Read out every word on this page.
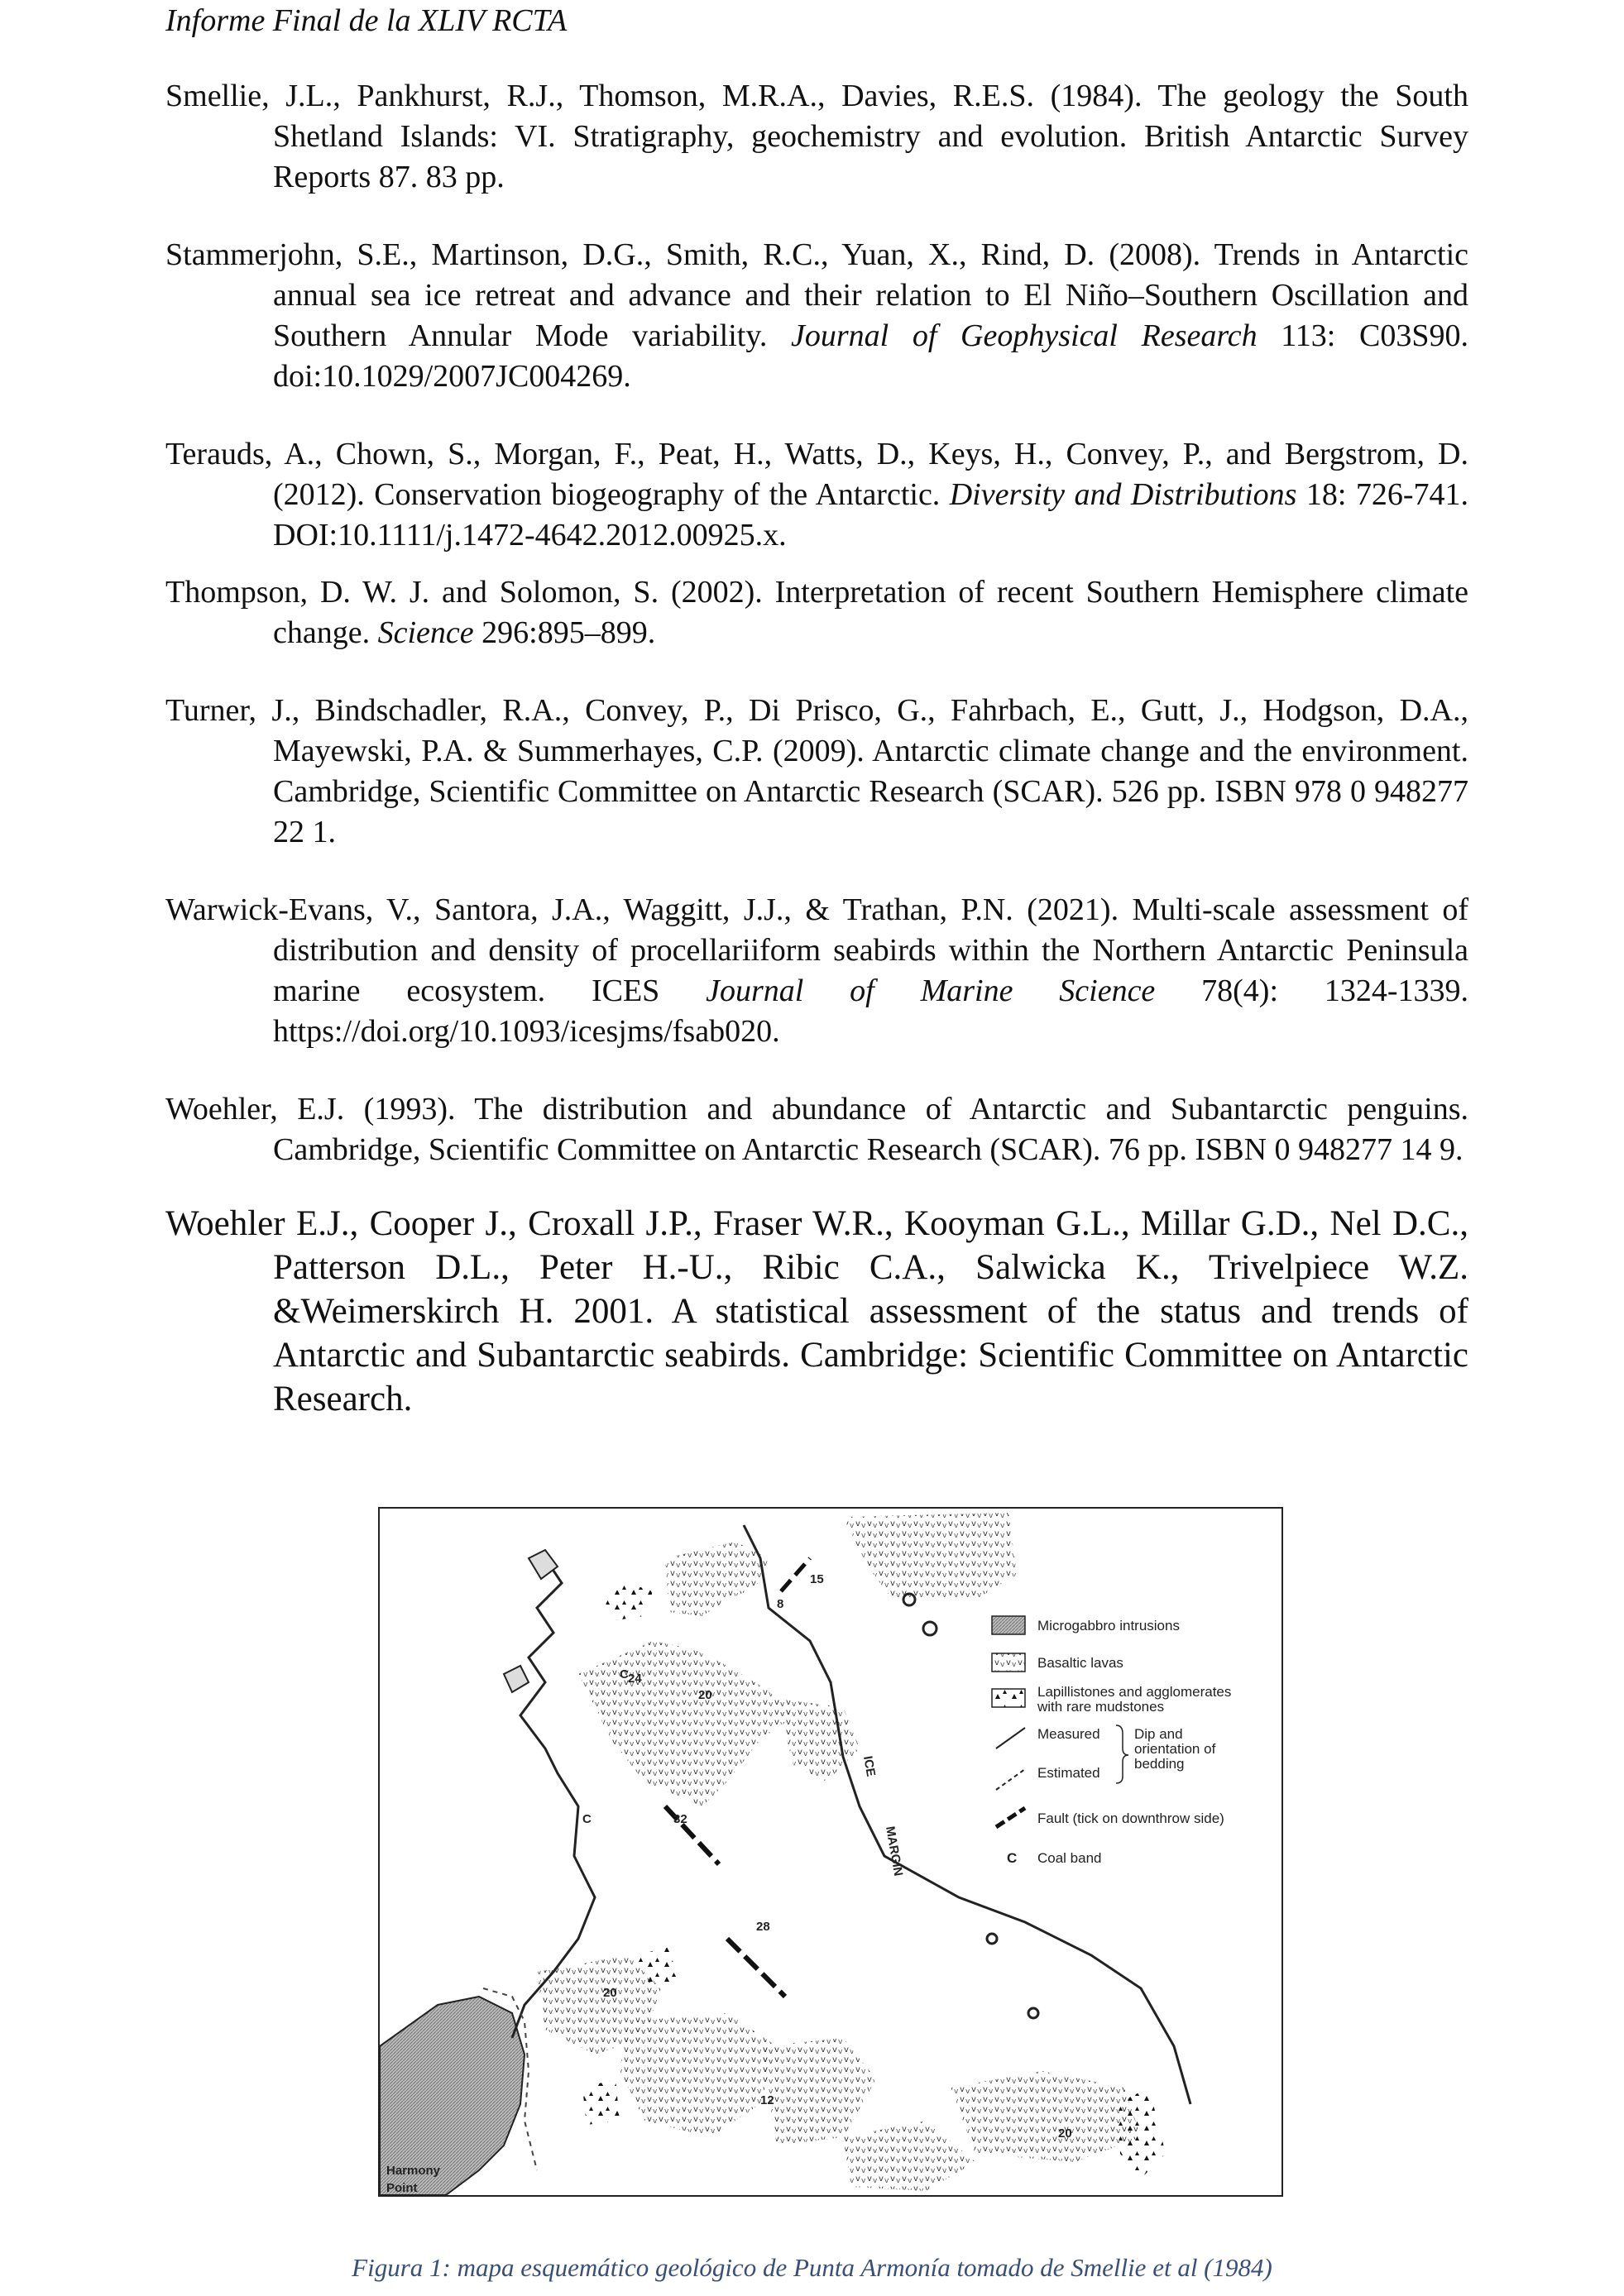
Informe Final de la XLIV RCTA

Smellie, J.L., Pankhurst, R.J., Thomson, M.R.A., Davies, R.E.S. (1984). The geology the South Shetland Islands: VI. Stratigraphy, geochemistry and evolution. British Antarctic Survey Reports 87. 83 pp.

Stammerjohn, S.E., Martinson, D.G., Smith, R.C., Yuan, X., Rind, D. (2008). Trends in Antarctic annual sea ice retreat and advance and their relation to El Niño–Southern Oscillation and Southern Annular Mode variability. Journal of Geophysical Research 113: C03S90. doi:10.1029/2007JC004269.

Terauds, A., Chown, S., Morgan, F., Peat, H., Watts, D., Keys, H., Convey, P., and Bergstrom, D. (2012). Conservation biogeography of the Antarctic. Diversity and Distributions 18: 726-741. DOI:10.1111/j.1472-4642.2012.00925.x.

Thompson, D. W. J. and Solomon, S. (2002). Interpretation of recent Southern Hemisphere climate change. Science 296:895–899.

Turner, J., Bindschadler, R.A., Convey, P., Di Prisco, G., Fahrbach, E., Gutt, J., Hodgson, D.A., Mayewski, P.A. & Summerhayes, C.P. (2009). Antarctic climate change and the environment. Cambridge, Scientific Committee on Antarctic Research (SCAR). 526 pp. ISBN 978 0 948277 22 1.

Warwick-Evans, V., Santora, J.A., Waggitt, J.J., & Trathan, P.N. (2021). Multi-scale assessment of distribution and density of procellariiform seabirds within the Northern Antarctic Peninsula marine ecosystem. ICES Journal of Marine Science 78(4): 1324-1339. https://doi.org/10.1093/icesjms/fsab020.

Woehler, E.J. (1993). The distribution and abundance of Antarctic and Subantarctic penguins. Cambridge, Scientific Committee on Antarctic Research (SCAR). 76 pp. ISBN 0 948277 14 9.

Woehler E.J., Cooper J., Croxall J.P., Fraser W.R., Kooyman G.L., Millar G.D., Nel D.C., Patterson D.L., Peter H.-U., Ribic C.A., Salwicka K., Trivelpiece W.Z. &Weimerskirch H. 2001. A statistical assessment of the status and trends of Antarctic and Subantarctic seabirds. Cambridge: Scientific Committee on Antarctic Research.

15
8
20
24
32
28
20
12
20
C
C
ICE
MARGIN
Harmony
Point
Microgabbro intrusions
Basaltic lavas
Lapillistones and agglomerates
with rare mudstones
Measured
Estimated
Dip and
orientation of
bedding
Fault (tick on downthrow side)
C Coal band
Figura 1: mapa esquemático geológico de Punta Armonía tomado de Smellie et al (1984)
